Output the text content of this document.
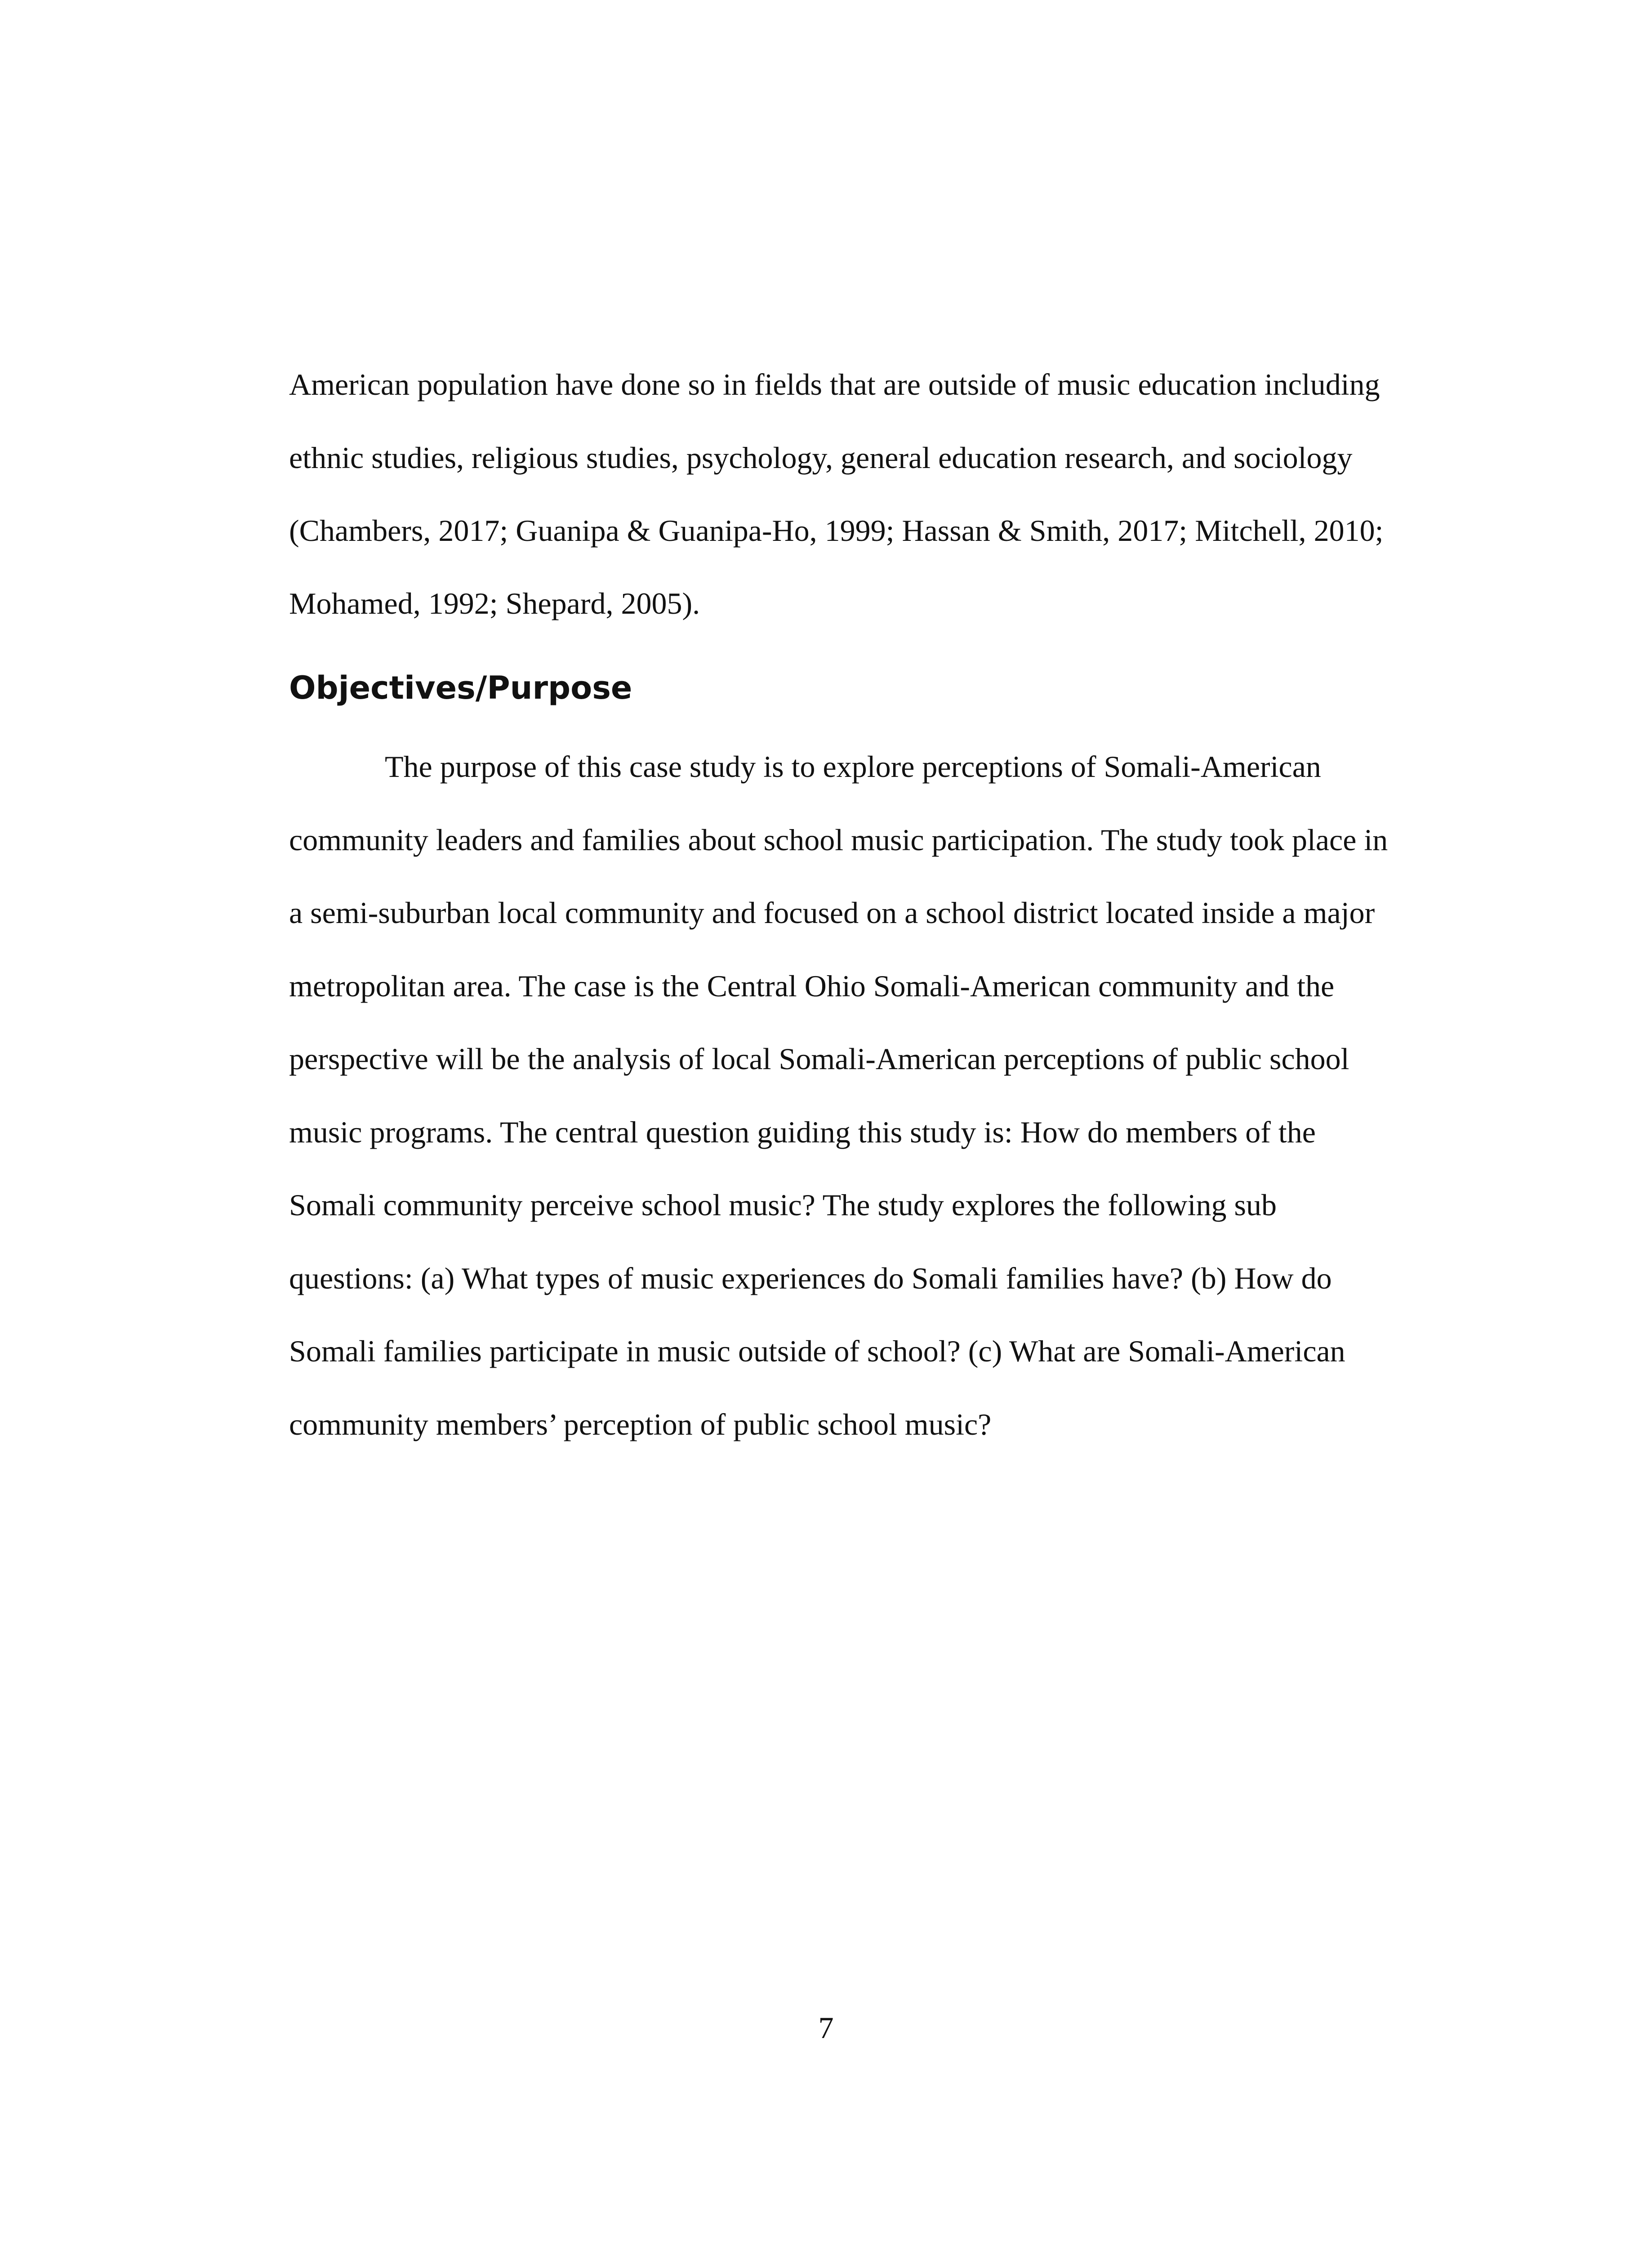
American population have done so in fields that are outside of music education including
ethnic studies, religious studies, psychology, general education research, and sociology
(Chambers, 2017; Guanipa & Guanipa-Ho, 1999; Hassan & Smith, 2017; Mitchell, 2010;
Mohamed, 1992; Shepard, 2005).
Objectives/Purpose
The purpose of this case study is to explore perceptions of Somali-American
community leaders and families about school music participation. The study took place in
a semi-suburban local community and focused on a school district located inside a major
metropolitan area. The case is the Central Ohio Somali-American community and the
perspective will be the analysis of local Somali-American perceptions of public school
music programs. The central question guiding this study is: How do members of the
Somali community perceive school music? The study explores the following sub
questions: (a) What types of music experiences do Somali families have? (b) How do
Somali families participate in music outside of school? (c) What are Somali-American
community members’ perception of public school music?
7
